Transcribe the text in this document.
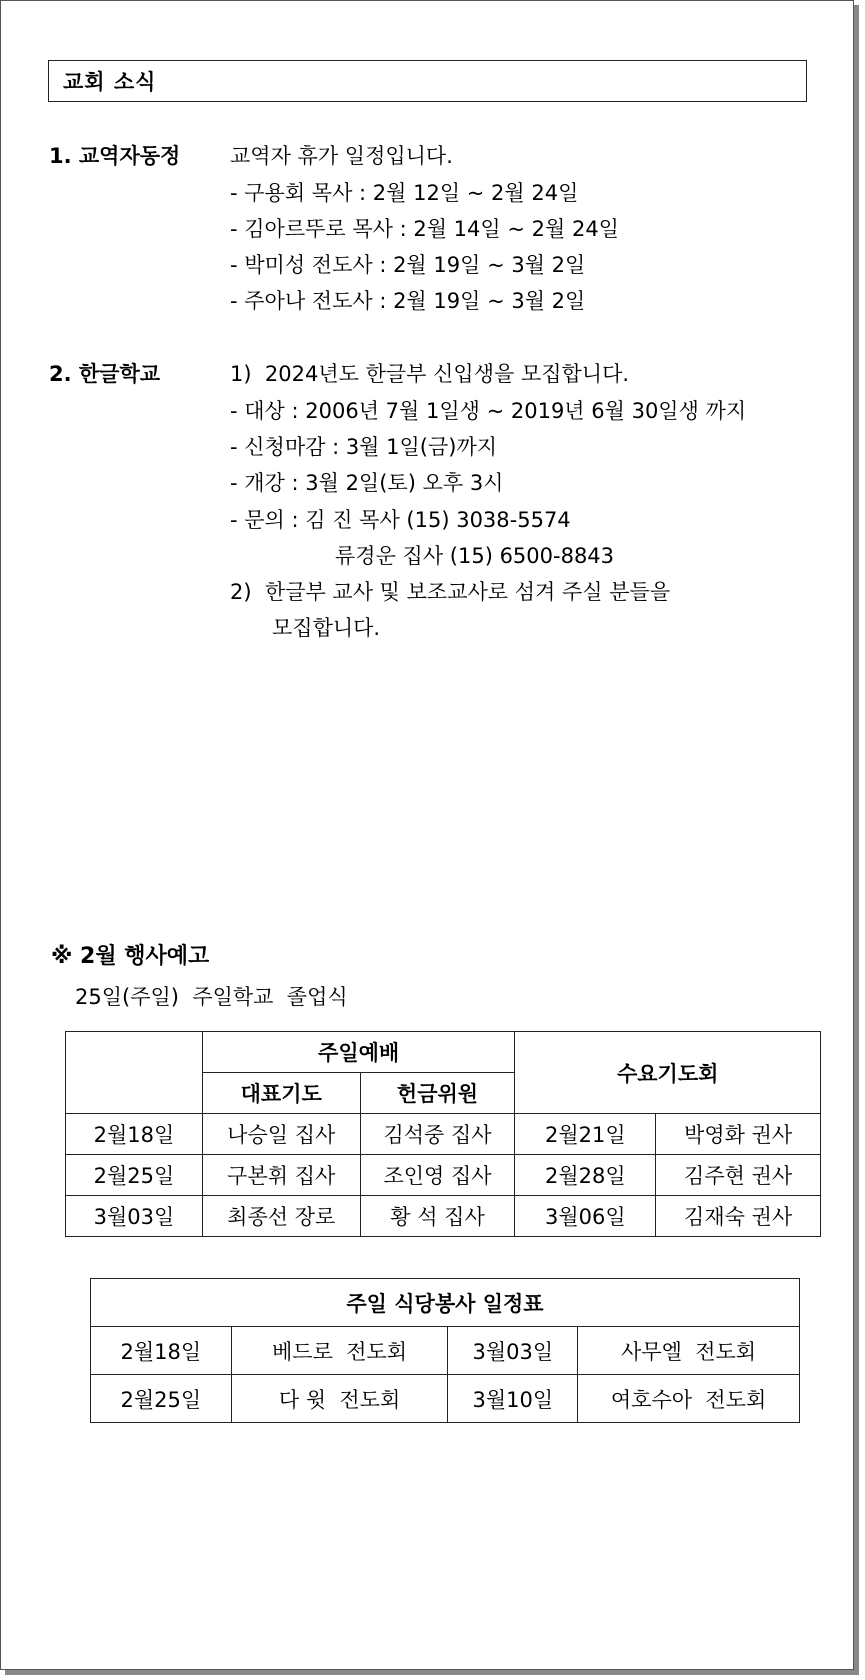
교회 소식
1. 교역자동정 교역자 휴가 일정입니다.
- 구용회 목사 : 2월 12일 ~ 2월 24일
- 김아르뚜로 목사 : 2월 14일 ~ 2월 24일
- 박미성 전도사 : 2월 19일 ~ 3월 2일
- 주아나 전도사 : 2월 19일 ~ 3월 2일
2. 한글학교	1)  2024년도 한글부 신입생을 모집합니다.
- 대상 : 2006년 7월 1일생 ~ 2019년 6월 30일생 까지
- 신청마감 : 3월 1일(금)까지
- 개강 : 3월 2일(토) 오후 3시
- 문의 : 김 진 목사 (15) 3038-5574
류경운 집사 (15) 6500-8843
2)  한글부 교사 및 보조교사로 섬겨 주실 분들을
모집합니다.
※ 2월 행사예고
25일(주일)  주일학교  졸업식
	주일예배		수요기도회	
	대표기도	헌금위원		
2월18일	나승일 집사	김석중 집사	2월21일	박영화 권사
2월25일	구본휘 집사	조인영 집사	2월28일	김주현 권사
3월03일	최종선 장로	황 석 집사	3월06일	김재숙 권사
주일 식당봉사 일정표			
2월18일	베드로  전도회	3월03일	사무엘  전도회
2월25일	다 윗  전도회	3월10일	여호수아  전도회
